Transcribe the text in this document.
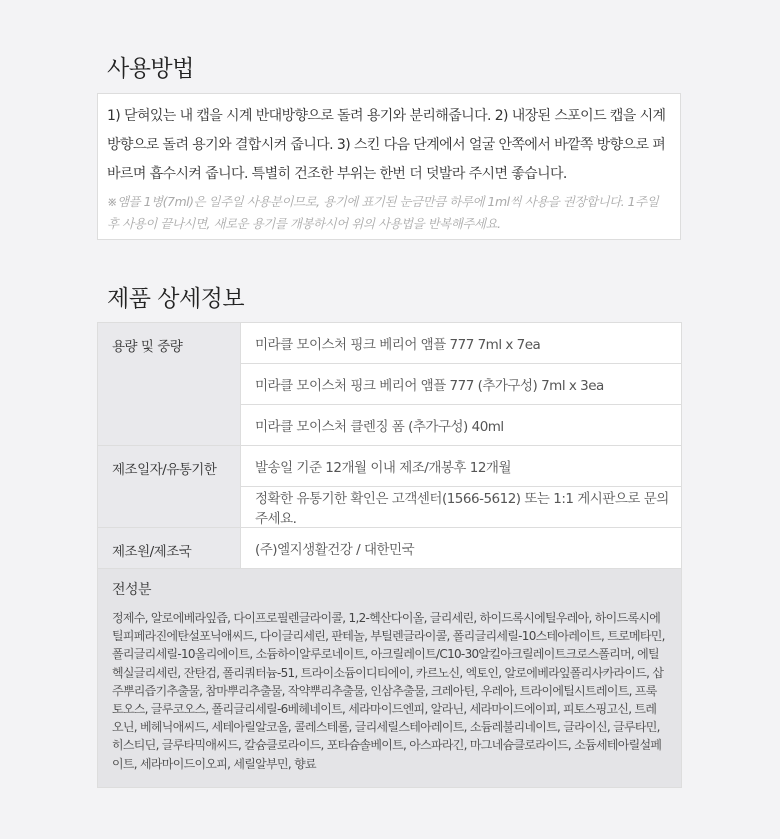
사용방법

1) 닫혀있는 내 캡을 시계 반대방향으로 돌려 용기와 분리해줍니다. 2) 내장된 스포이드 캡을 시계방향으로 돌려 용기와 결합시켜 줍니다. 3) 스킨 다음 단계에서 얼굴 안쪽에서 바깥쪽 방향으로 펴 바르며 흡수시켜 줍니다. 특별히 건조한 부위는 한번 더 덧발라 주시면 좋습니다.

※앰플 1병(7ml)은 일주일 사용분이므로, 용기에 표기된 눈금만큼 하루에 1ml씩 사용을 권장합니다. 1주일 후 사용이 끝나시면, 새로운 용기를 개봉하시어 위의 사용법을 반복해주세요.

제품 상세정보
용량 및 중량	미라클 모이스처 핑크 베리어 앰플 777 7ml x 7ea
	미라클 모이스처 핑크 베리어 앰플 777 (추가구성) 7ml x 3ea
	미라클 모이스처 클렌징 폼 (추가구성) 40ml
제조일자/유통기한	발송일 기준 12개월 이내 제조/개봉후 12개월
	정확한 유통기한 확인은 고객센터(1566-5612) 또는 1:1 게시판으로 문의주세요.
제조원/제조국	(주)엘지생활건강 / 대한민국

전성분
정제수, 알로에베라잎즙, 다이프로필렌글라이콜, 1,2-헥산다이올, 글리세린, 하이드록시에틸우레아, 하이드록시에틸피페라진에탄설포닉애씨드, 다이글리세린, 판테놀, 부틸렌글라이콜, 폴리글리세릴-10스테아레이트, 트로메타민, 폴리글리세릴-10올리에이트, 소듐하이알루로네이트, 아크릴레이트/C10-30알킬아크릴레이트크로스폴리머, 에틸헥실글리세린, 잔탄검, 폴리쿼터늄-51, 트라이소듐이디티에이, 카르노신, 엑토인, 알로에베라잎폴리사카라이드, 삽주뿌리즙기추출물, 참마뿌리추출물, 작약뿌리추출물, 인삼추출물, 크레아틴, 우레아, 트라이에틸시트레이트, 프룩토오스, 글루코오스, 폴리글리세릴-6베헤네이트, 세라마이드엔피, 알라닌, 세라마이드에이피, 피토스핑고신, 트레오닌, 베헤닉애씨드, 세테아릴알코올, 콜레스테롤, 글리세릴스테아레이트, 소듐레불리네이트, 글라이신, 글루타민, 히스티딘, 글루타믹애씨드, 칼슘클로라이드, 포타슘솔베이트, 아스파라긴, 마그네슘클로라이드, 소듐세테아릴설페이트, 세라마이드이오피, 세릴알부민, 향료	
